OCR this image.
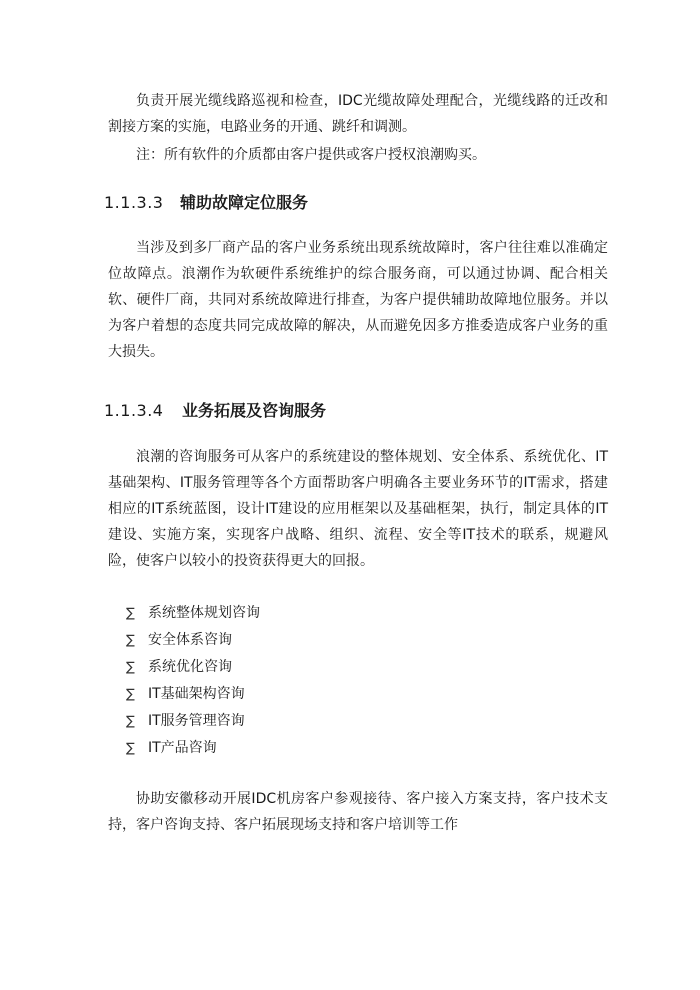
负责开展光缆线路巡视和检查，IDC光缆故障处理配合，光缆线路的迁改和割接方案的实施，电路业务的开通、跳纤和调测。

注：所有软件的介质都由客户提供或客户授权浪潮购买。

1.1.3.3	辅助故障定位服务

当涉及到多厂商产品的客户业务系统出现系统故障时，客户往往难以准确定位故障点。浪潮作为软硬件系统维护的综合服务商，可以通过协调、配合相关软、硬件厂商，共同对系统故障进行排查，为客户提供辅助故障地位服务。并以为客户着想的态度共同完成故障的解决，从而避免因多方推委造成客户业务的重大损失。

1.1.3.4	业务拓展及咨询服务

浪潮的咨询服务可从客户的系统建设的整体规划、安全体系、系统优化、IT基础架构、IT服务管理等各个方面帮助客户明确各主要业务环节的IT需求，搭建相应的IT系统蓝图，设计IT建设的应用框架以及基础框架，执行，制定具体的IT建设、实施方案，实现客户战略、组织、流程、安全等IT技术的联系，规避风险，使客户以较小的投资获得更大的回报。

∑ 系统整体规划咨询
∑ 安全体系咨询
∑ 系统优化咨询
∑ IT基础架构咨询
∑ IT服务管理咨询
∑ IT产品咨询

协助安徽移动开展IDC机房客户参观接待、客户接入方案支持，客户技术支持，客户咨询支持、客户拓展现场支持和客户培训等工作
